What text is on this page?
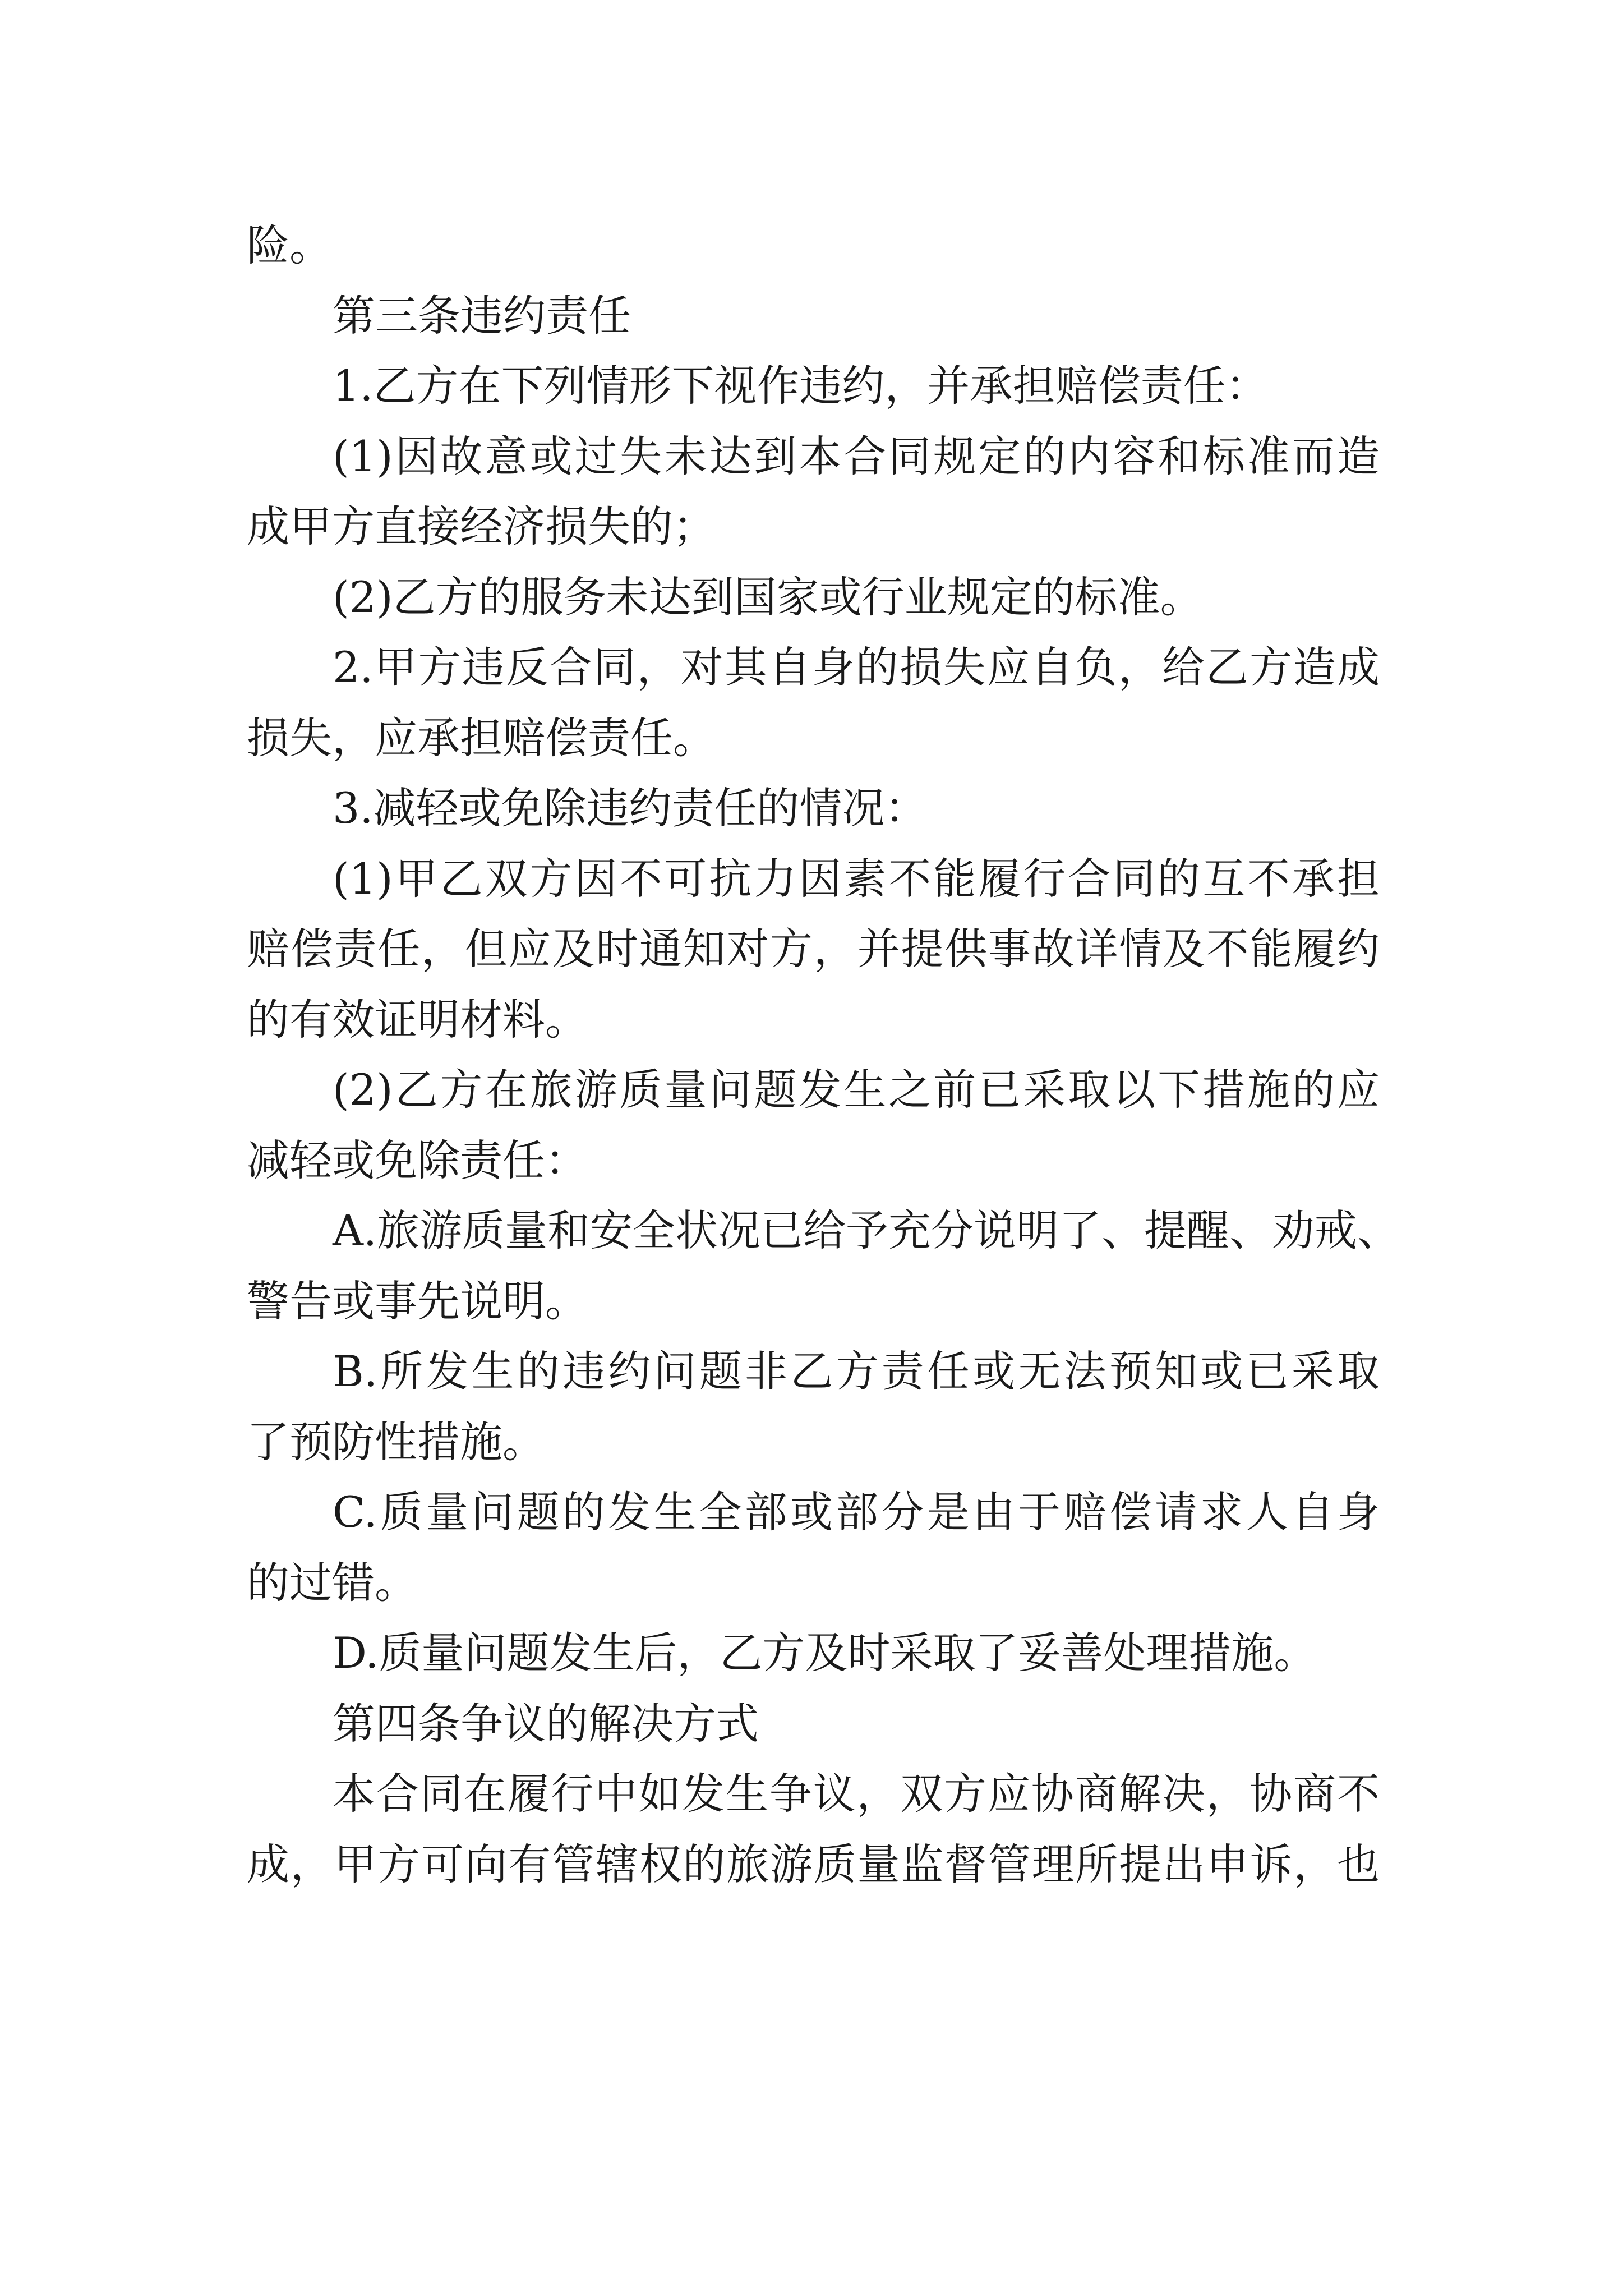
险。
第三条违约责任
1.乙方在下列情形下视作违约，并承担赔偿责任：
(1)因故意或过失未达到本合同规定的内容和标准而造
成甲方直接经济损失的；
(2)乙方的服务未达到国家或行业规定的标准。
2.甲方违反合同，对其自身的损失应自负，给乙方造成
损失，应承担赔偿责任。
3.减轻或免除违约责任的情况：
(1)甲乙双方因不可抗力因素不能履行合同的互不承担
赔偿责任，但应及时通知对方，并提供事故详情及不能履约
的有效证明材料。
(2)乙方在旅游质量问题发生之前已采取以下措施的应
减轻或免除责任：
A.旅游质量和安全状况已给予充分说明了、提醒、劝戒、
警告或事先说明。
B.所发生的违约问题非乙方责任或无法预知或已采取
了预防性措施。
C.质量问题的发生全部或部分是由于赔偿请求人自身
的过错。
D.质量问题发生后，乙方及时采取了妥善处理措施。
第四条争议的解决方式
本合同在履行中如发生争议，双方应协商解决，协商不
成，甲方可向有管辖权的旅游质量监督管理所提出申诉，也
